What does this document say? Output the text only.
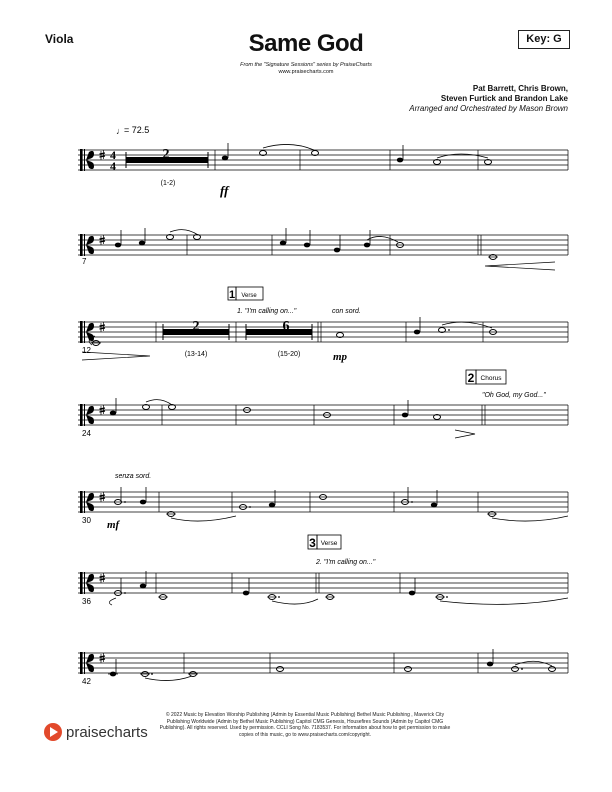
Viola	Same God
From the "Signature Sessions" series by PraiseCharts
www.praisecharts.com
Key: G
Pat Barrett, Chris Brown,
Steven Furtick and Brandon Lake
Arranged and Orchestrated by Mason Brown
4
4
2
(1-2)	ff
♩ = 72.5
7
12
2
(13-14)
6
(15-20)	mp
con sord.
1 Verse
1. "I'm calling on..."
24
2 Chorus
"Oh God, my God..."
30
senza sord.
mf
3 Verse
2. "I'm calling on..."
36
42
praisecharts
© 2022 Music by Elevation Worship Publishing (Admin by Essential Music Publishing) Bethel Music Publishing , Maverick City Publishing Worldwide (Admin by Bethel Music Publishing) Capitol CMG Genesis, Housefires Sounds (Admin by Capitol CMG Publishing). All rights reserved. Used by permission. CCLI Song No. 7183537. For information about how to get permission to make copies of this music, go to www.praisecharts.com/copyright.
